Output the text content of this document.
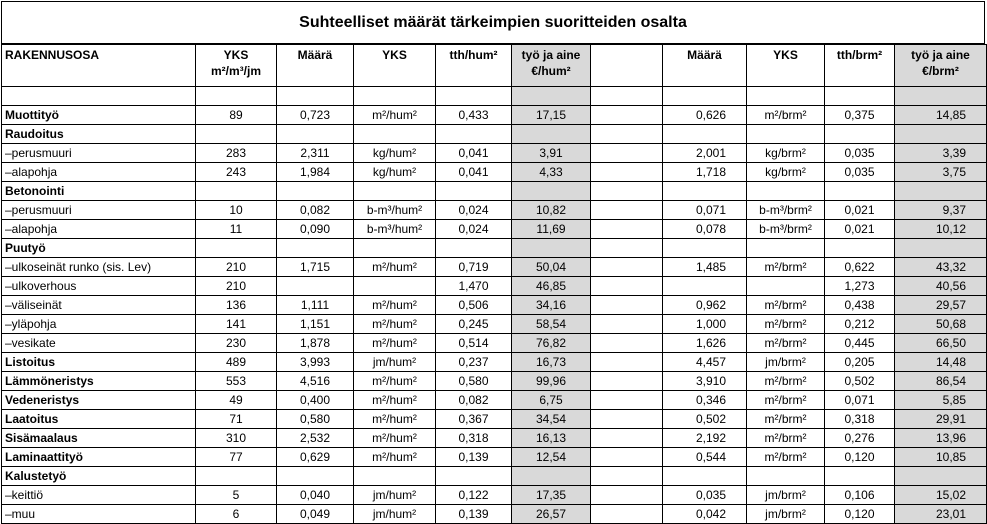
Suhteelliset määrät tärkeimpien suoritteiden osalta
RAKENNUSOSA	YKS
m²/m³/jm	Määrä	YKS	tth/hum²	työ ja aine
€/hum²		Määrä	YKS	tth/brm²	työ ja aine
€/brm²

Muottityö	89	0,723	m²/hum²	0,433	17,15		0,626	m²/brm²	0,375	14,85
Raudoitus										
–perusmuuri	283	2,311	kg/hum²	0,041	3,91		2,001	kg/brm²	0,035	3,39
–alapohja	243	1,984	kg/hum²	0,041	4,33		1,718	kg/brm²	0,035	3,75
Betonointi										
–perusmuuri	10	0,082	b-m³/hum²	0,024	10,82		0,071	b-m³/brm²	0,021	9,37
–alapohja	11	0,090	b-m³/hum²	0,024	11,69		0,078	b-m³/brm²	0,021	10,12
Puutyö										
–ulkoseinät runko (sis. Lev)	210	1,715	m²/hum²	0,719	50,04		1,485	m²/brm²	0,622	43,32
–ulkoverhous	210			1,470	46,85				1,273	40,56
–väliseinät	136	1,111	m²/hum²	0,506	34,16		0,962	m²/brm²	0,438	29,57
–yläpohja	141	1,151	m²/hum²	0,245	58,54		1,000	m²/brm²	0,212	50,68
–vesikate	230	1,878	m²/hum²	0,514	76,82		1,626	m²/brm²	0,445	66,50
Listoitus	489	3,993	jm/hum²	0,237	16,73		4,457	jm/brm²	0,205	14,48
Lämmöneristys	553	4,516	m²/hum²	0,580	99,96		3,910	m²/brm²	0,502	86,54
Vedeneristys	49	0,400	m²/hum²	0,082	6,75		0,346	m²/brm²	0,071	5,85
Laatoitus	71	0,580	m²/hum²	0,367	34,54		0,502	m²/brm²	0,318	29,91
Sisämaalaus	310	2,532	m²/hum²	0,318	16,13		2,192	m²/brm²	0,276	13,96
Laminaattityö	77	0,629	m²/hum²	0,139	12,54		0,544	m²/brm²	0,120	10,85
Kalustetyö										
–keittiö	5	0,040	jm/hum²	0,122	17,35		0,035	jm/brm²	0,106	15,02
–muu	6	0,049	jm/hum²	0,139	26,57		0,042	jm/brm²	0,120	23,01
